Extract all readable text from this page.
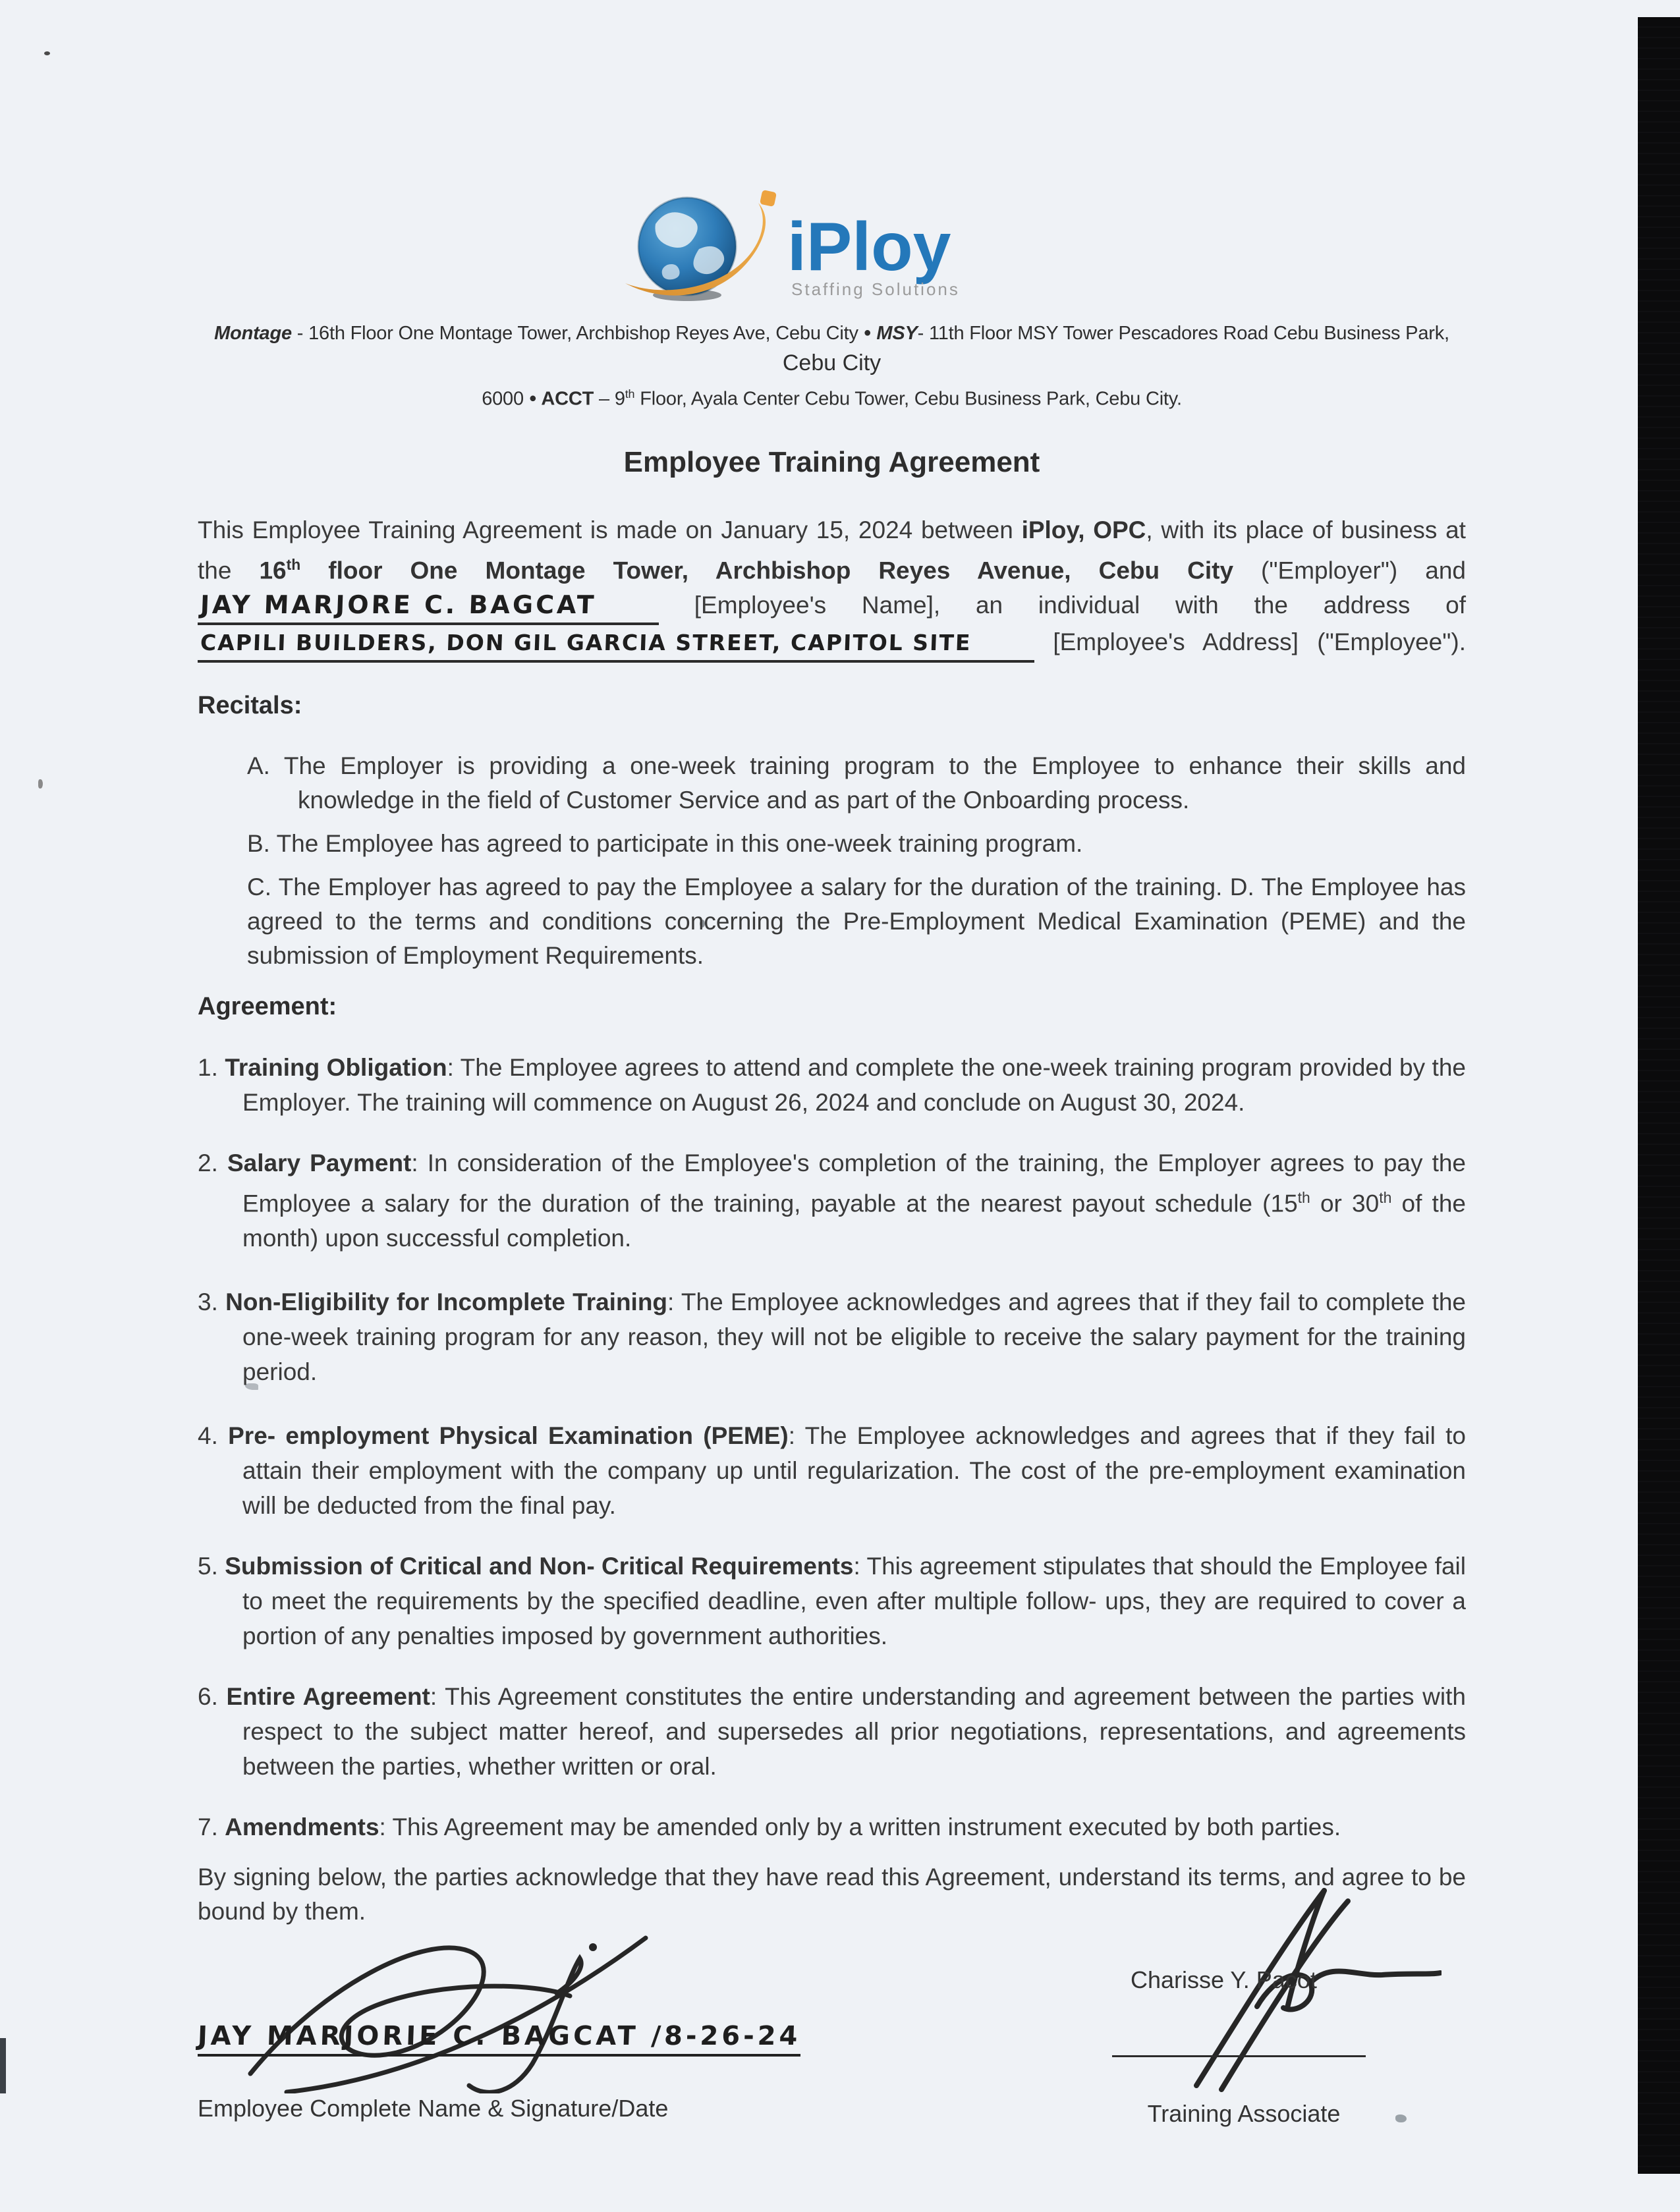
iPloy
Staffing Solutions
Montage - 16th Floor One Montage Tower, Archbishop Reyes Ave, Cebu City ● MSY- 11th Floor MSY Tower Pescadores Road Cebu Business Park, Cebu City
6000 ● ACCT – 9th Floor, Ayala Center Cebu Tower, Cebu Business Park, Cebu City.
Employee Training Agreement
This Employee Training Agreement is made on January 15, 2024 between iPloy, OPC, with its place of business at
the 16th floor One Montage Tower, Archbishop Reyes Avenue, Cebu City ("Employer") and
JAY MARJORE C. BAGCAT	[Employee's Name], an individual with the address of
CAPILI BUILDERS, DON GIL GARCIA STREET, CAPITOL SITE	[Employee's Address] ("Employee").
Recitals:
A. The Employer is providing a one-week training program to the Employee to enhance their skills and knowledge in the field of Customer Service and as part of the Onboarding process.
B. The Employee has agreed to participate in this one-week training program.
C. The Employer has agreed to pay the Employee a salary for the duration of the training. D. The Employee has agreed to the terms and conditions concerning the Pre-Employment Medical Examination (PEME) and the submission of Employment Requirements.
Agreement:
1. Training Obligation: The Employee agrees to attend and complete the one-week training program provided by the Employer. The training will commence on August 26, 2024 and conclude on August 30, 2024.
2. Salary Payment: In consideration of the Employee's completion of the training, the Employer agrees to pay the Employee a salary for the duration of the training, payable at the nearest payout schedule (15th or 30th of the month) upon successful completion.
3. Non-Eligibility for Incomplete Training: The Employee acknowledges and agrees that if they fail to complete the one-week training program for any reason, they will not be eligible to receive the salary payment for the training period.
4. Pre- employment Physical Examination (PEME): The Employee acknowledges and agrees that if they fail to attain their employment with the company up until regularization. The cost of the pre-employment examination will be deducted from the final pay.
5. Submission of Critical and Non- Critical Requirements: This agreement stipulates that should the Employee fail to meet the requirements by the specified deadline, even after multiple follow- ups, they are required to cover a portion of any penalties imposed by government authorities.
6. Entire Agreement: This Agreement constitutes the entire understanding and agreement between the parties with respect to the subject matter hereof, and supersedes all prior negotiations, representations, and agreements between the parties, whether written or oral.
7. Amendments: This Agreement may be amended only by a written instrument executed by both parties.
By signing below, the parties acknowledge that they have read this Agreement, understand its terms, and agree to be bound by them.
JAY MARJORIE C. BAGCAT /8-26-24
Employee Complete Name & Signature/Date
Charisse Y. Pacot
Training Associate
